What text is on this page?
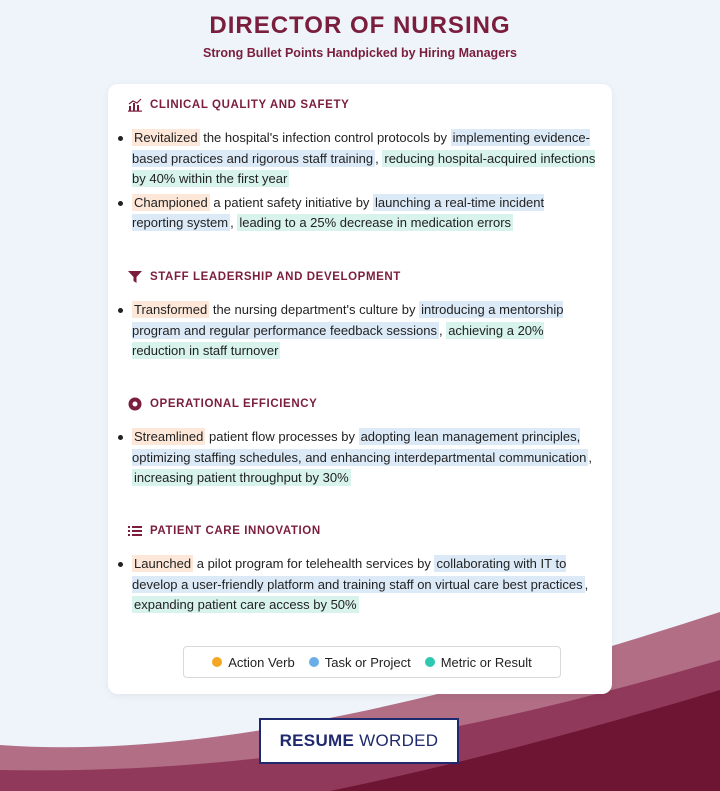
DIRECTOR OF NURSING
Strong Bullet Points Handpicked by Hiring Managers
CLINICAL QUALITY AND SAFETY
Revitalized the hospital's infection control protocols by implementing evidence-based practices and rigorous staff training , reducing hospital-acquired infections by 40% within the first year
Championed a patient safety initiative by launching a real-time incident reporting system , leading to a 25% decrease in medication errors
STAFF LEADERSHIP AND DEVELOPMENT
Transformed the nursing department's culture by introducing a mentorship program and regular performance feedback sessions , achieving a 20% reduction in staff turnover
OPERATIONAL EFFICIENCY
Streamlined patient flow processes by adopting lean management principles, optimizing staffing schedules, and enhancing interdepartmental communication , increasing patient throughput by 30%
PATIENT CARE INNOVATION
Launched a pilot program for telehealth services by collaborating with IT to develop a user-friendly platform and training staff on virtual care best practices , expanding patient care access by 50%
Action Verb Task or Project Metric or Result
RESUME WORDED
